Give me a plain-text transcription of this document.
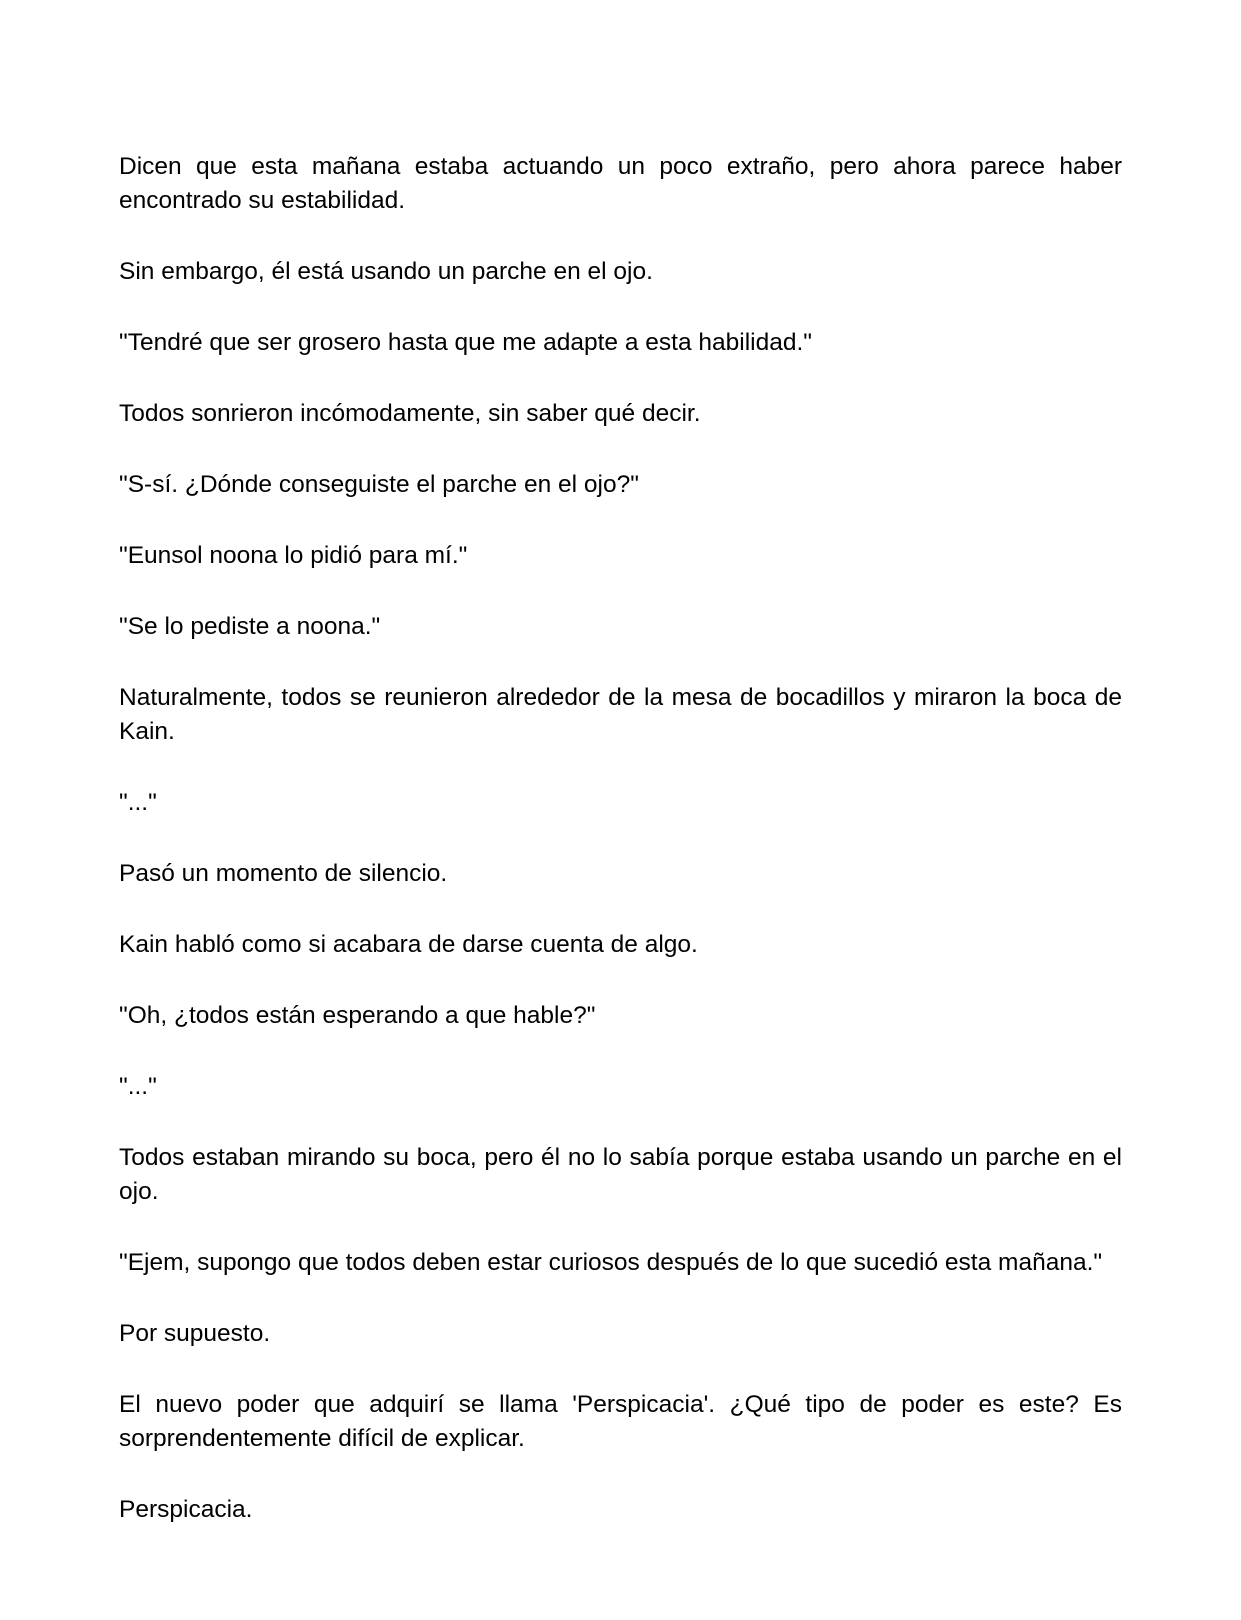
Dicen que esta mañana estaba actuando un poco extraño, pero ahora parece haber encontrado su estabilidad.

Sin embargo, él está usando un parche en el ojo.

"Tendré que ser grosero hasta que me adapte a esta habilidad."

Todos sonrieron incómodamente, sin saber qué decir.

"S-sí. ¿Dónde conseguiste el parche en el ojo?"

"Eunsol noona lo pidió para mí."

"Se lo pediste a noona."

Naturalmente, todos se reunieron alrededor de la mesa de bocadillos y miraron la boca de Kain.

"..."

Pasó un momento de silencio.

Kain habló como si acabara de darse cuenta de algo.

"Oh, ¿todos están esperando a que hable?"

"..."

Todos estaban mirando su boca, pero él no lo sabía porque estaba usando un parche en el ojo.

"Ejem, supongo que todos deben estar curiosos después de lo que sucedió esta mañana."

Por supuesto.

El nuevo poder que adquirí se llama 'Perspicacia'. ¿Qué tipo de poder es este? Es sorprendentemente difícil de explicar.

Perspicacia.
